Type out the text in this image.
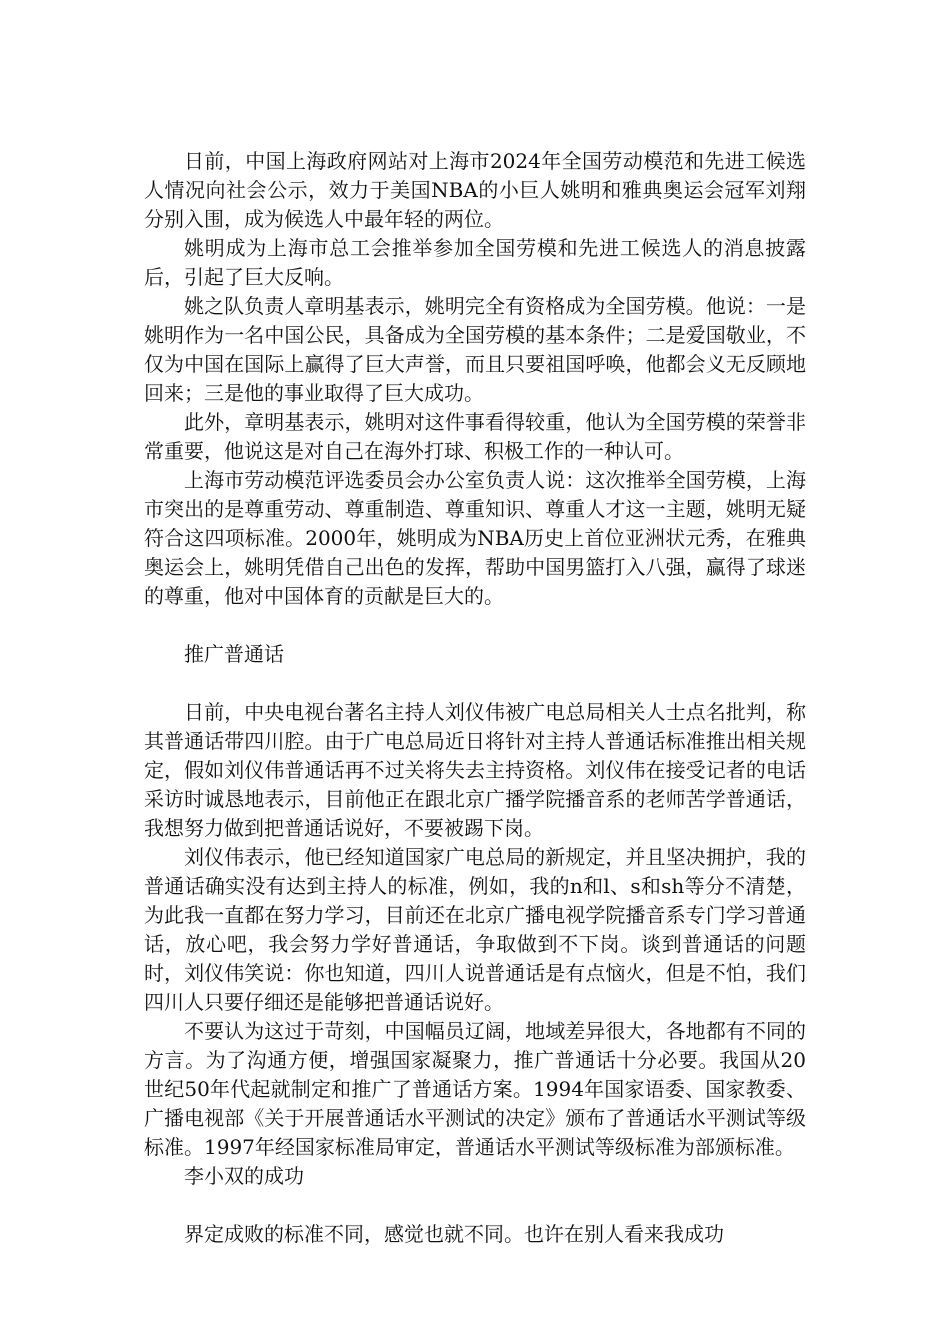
日前，中国上海政府网站对上海市2024年全国劳动模范和先进工候选人情况向社会公示，效力于美国NBA的小巨人姚明和雅典奥运会冠军刘翔分别入围，成为候选人中最年轻的两位。

姚明成为上海市总工会推举参加全国劳模和先进工候选人的消息披露后，引起了巨大反响。

姚之队负责人章明基表示，姚明完全有资格成为全国劳模。他说：一是姚明作为一名中国公民，具备成为全国劳模的基本条件；二是爱国敬业，不仅为中国在国际上赢得了巨大声誉，而且只要祖国呼唤，他都会义无反顾地回来；三是他的事业取得了巨大成功。

此外，章明基表示，姚明对这件事看得较重，他认为全国劳模的荣誉非常重要，他说这是对自己在海外打球、积极工作的一种认可。

上海市劳动模范评选委员会办公室负责人说：这次推举全国劳模，上海市突出的是尊重劳动、尊重制造、尊重知识、尊重人才这一主题，姚明无疑符合这四项标准。2000年，姚明成为NBA历史上首位亚洲状元秀，在雅典奥运会上，姚明凭借自己出色的发挥，帮助中国男篮打入八强，赢得了球迷的尊重，他对中国体育的贡献是巨大的。

推广普通话

日前，中央电视台著名主持人刘仪伟被广电总局相关人士点名批判，称其普通话带四川腔。由于广电总局近日将针对主持人普通话标准推出相关规定，假如刘仪伟普通话再不过关将失去主持资格。刘仪伟在接受记者的电话采访时诚恳地表示，目前他正在跟北京广播学院播音系的老师苦学普通话，我想努力做到把普通话说好，不要被踢下岗。

刘仪伟表示，他已经知道国家广电总局的新规定，并且坚决拥护，我的普通话确实没有达到主持人的标准，例如，我的n和l、s和sh等分不清楚，为此我一直都在努力学习，目前还在北京广播电视学院播音系专门学习普通话，放心吧，我会努力学好普通话，争取做到不下岗。谈到普通话的问题时，刘仪伟笑说：你也知道，四川人说普通话是有点恼火，但是不怕，我们四川人只要仔细还是能够把普通话说好。

不要认为这过于苛刻，中国幅员辽阔，地域差异很大，各地都有不同的方言。为了沟通方便，增强国家凝聚力，推广普通话十分必要。我国从20世纪50年代起就制定和推广了普通话方案。1994年国家语委、国家教委、广播电视部《关于开展普通话水平测试的决定》颁布了普通话水平测试等级标准。1997年经国家标准局审定，普通话水平测试等级标准为部颁标准。

李小双的成功

界定成败的标准不同，感觉也就不同。也许在别人看来我成功
